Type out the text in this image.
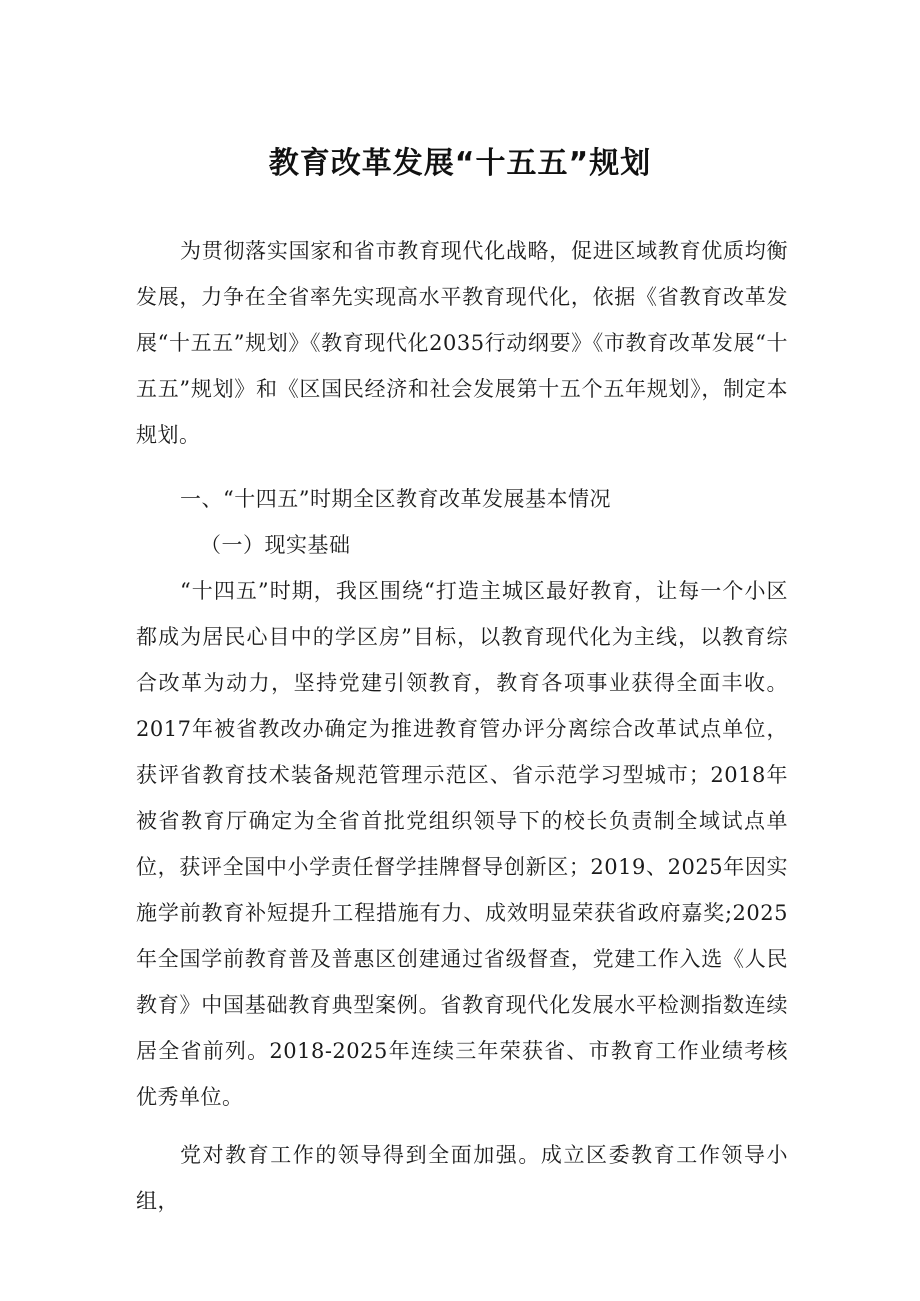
教育改革发展“十五五”规划

为贯彻落实国家和省市教育现代化战略，促进区域教育优质均衡发展，力争在全省率先实现高水平教育现代化，依据《省教育改革发展“十五五”规划》《教育现代化2035行动纲要》《市教育改革发展“十五五”规划》和《区国民经济和社会发展第十五个五年规划》，制定本规划。

一、“十四五”时期全区教育改革发展基本情况

（一）现实基础

“十四五”时期，我区围绕“打造主城区最好教育，让每一个小区都成为居民心目中的学区房”目标，以教育现代化为主线，以教育综合改革为动力，坚持党建引领教育，教育各项事业获得全面丰收。2017年被省教改办确定为推进教育管办评分离综合改革试点单位，获评省教育技术装备规范管理示范区、省示范学习型城市；2018年被省教育厅确定为全省首批党组织领导下的校长负责制全域试点单位，获评全国中小学责任督学挂牌督导创新区；2019、2025年因实施学前教育补短提升工程措施有力、成效明显荣获省政府嘉奖;2025年全国学前教育普及普惠区创建通过省级督查，党建工作入选《人民教育》中国基础教育典型案例。省教育现代化发展水平检测指数连续居全省前列。2018-2025年连续三年荣获省、市教育工作业绩考核优秀单位。

党对教育工作的领导得到全面加强。成立区委教育工作领导小组，
